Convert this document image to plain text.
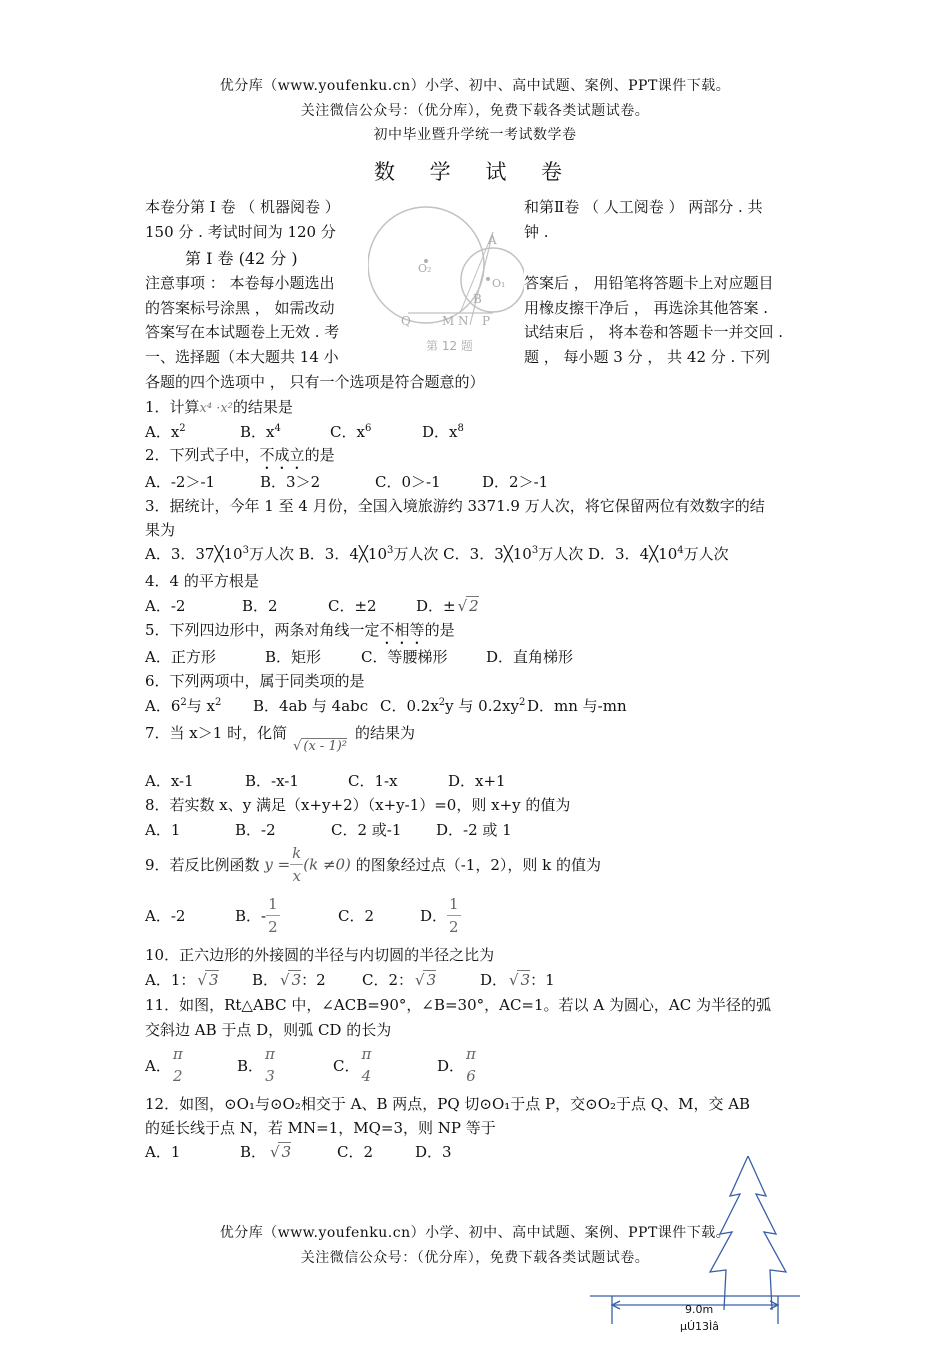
优分库（www.youfenku.cn）小学、初中、高中试题、案例、PPT课件下载。
关注微信公众号：（优分库），免费下载各类试题试卷。
初中毕业暨升学统一考试数学卷
数 学 试 卷
A
B
O₁
O₂
Q	M N P
第 12 题
本卷分第 Ⅰ 卷 （ 机器阅卷 ）	和第Ⅱ卷 （ 人工阅卷 ） 两部分 . 共
150 分 . 考试时间为 120 分	钟 .
第 Ⅰ 卷 (42 分 )
注意事项 ： 本卷每小题选出	答案后 ， 用铅笔将答题卡上对应题目
的答案标号涂黑 ， 如需改动	用橡皮擦干净后 ， 再选涂其他答案 .
答案写在本试题卷上无效 . 考	试结束后 ， 将本卷和答题卡一并交回 .
一、选择题（本大题共 14 小	题 ， 每小题 3 分 ， 共 42 分 . 下列
各题的四个选项中 ， 只有一个选项是符合题意的）
1．计算x⁴ ·x²的结果是
A．x2	B．x4	C．x6	D．x8
2．下列式子中，不成立的是
A．-2＞-1	B．3＞2	C．0＞-1	D．2＞-1
3．据统计，今年 1 至 4 月份，全国入境旅游约 3371.9 万人次，将它保留两位有效数字的结
果为
A．3．37╳103万人次 B．3．4╳103万人次 C．3．3╳103万人次 D．3．4╳104万人次
4．4 的平方根是
A．-2	B．2	C．±2	D．± √ 2
5．下列四边形中，两条对角线一定不相等的是
A．正方形	B．矩形	C．等腰梯形	D．直角梯形
6．下列两项中，属于同类项的是
A．62与 x2 B．4ab 与 4abc C．0.2x2y 与 0.2xy2 D．mn 与-mn
7．当 x＞1 时，化简√ (x - 1)²的结果为
A．x-1	B．-x-1	C．1-x	D．x+1
8．若实数 x、y 满足（x+y+2）（x+y-1）=0，则 x+y 的值为
A．1	B．-2	C．2 或-1 D．-2 或 1
9．若反比例函数 $y = \frac{k}{x} (k \ne 0)$ 的图象经过点（-1，2），则 k 的值为
A．-2	B．- $\frac{1}{2}$	C．2	D． $\frac{1}{2}$
10．正六边形的外接圆的半径与内切圆的半径之比为
A．1： √ 3 B． √ 3：2 C．2： √ 3	D． √ 3：1
11．如图，Rt△ABC 中，∠ACB=90°，∠B=30°，AC=1。若以 A 为圆心，AC 为半径的弧
交斜边 AB 于点 D，则弧 CD 的长为
A．
π
2
B．
π
3
C．
π
4
D．
π
6
12．如图，⊙O₁与⊙O₂相交于 A、B 两点，PQ 切⊙O₁于点 P，交⊙O₂于点 Q、M，交 AB
的延长线于点 N，若 MN=1，MQ=3，则 NP 等于
A．1	B． √ 3	C．2	D．3
优分库（www.youfenku.cn）小学、初中、高中试题、案例、PPT课件下载。
关注微信公众号：（优分库），免费下载各类试题试卷。
9.0m
µÚ13Ìâ
